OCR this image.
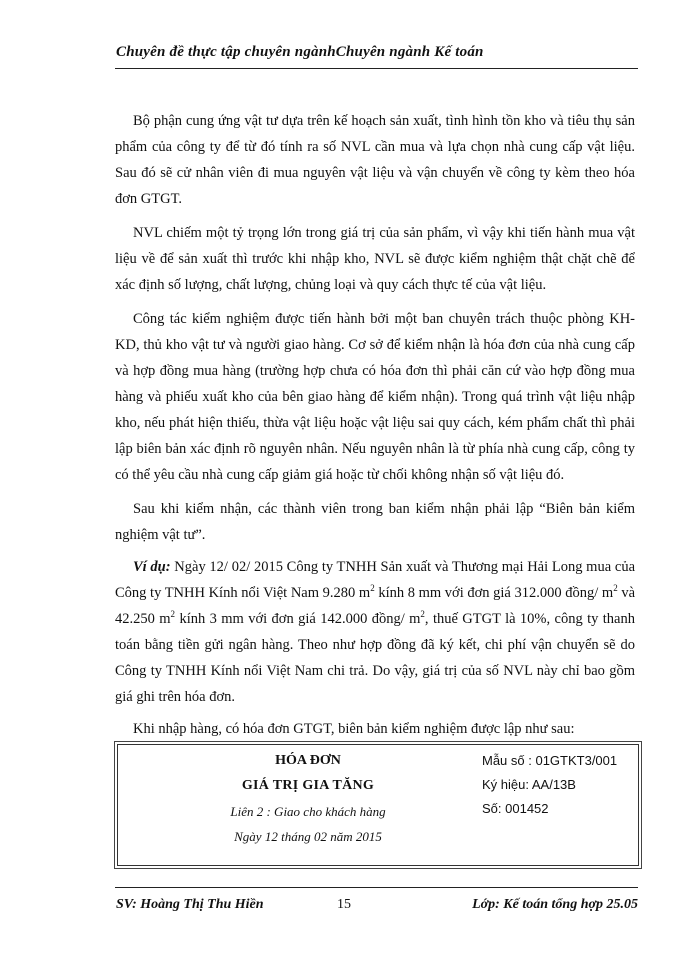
Chuyên đề thực tập chuyên ngànhChuyên ngành Kế toán

Bộ phận cung ứng vật tư dựa trên kế hoạch sản xuất, tình hình tồn kho và tiêu thụ sản phẩm của công ty để từ đó tính ra số NVL cần mua và lựa chọn nhà cung cấp vật liệu. Sau đó sẽ cử nhân viên đi mua nguyên vật liệu và vận chuyển về công ty kèm theo hóa đơn GTGT.

NVL chiếm một tỷ trọng lớn trong giá trị của sản phẩm, vì vậy khi tiến hành mua vật liệu về để sản xuất thì trước khi nhập kho, NVL sẽ được kiểm nghiệm thật chặt chẽ để xác định số lượng, chất lượng, chủng loại và quy cách thực tế của vật liệu.

Công tác kiểm nghiệm được tiến hành bởi một ban chuyên trách thuộc phòng KH- KD, thủ kho vật tư và người giao hàng. Cơ sở để kiểm nhận là hóa đơn của nhà cung cấp và hợp đồng mua hàng (trường hợp chưa có hóa đơn thì phải căn cứ vào hợp đồng mua hàng và phiếu xuất kho của bên giao hàng để kiểm nhận). Trong quá trình vật liệu nhập kho, nếu phát hiện thiếu, thừa vật liệu hoặc vật liệu sai quy cách, kém phẩm chất thì phải lập biên bản xác định rõ nguyên nhân. Nếu nguyên nhân là từ phía nhà cung cấp, công ty có thể yêu cầu nhà cung cấp giảm giá hoặc từ chối không nhận số vật liệu đó.

Sau khi kiểm nhận, các thành viên trong ban kiểm nhận phải lập “Biên bản kiểm nghiệm vật tư”.

Ví dụ: Ngày 12/ 02/ 2015 Công ty TNHH Sản xuất và Thương mại Hải Long mua của Công ty TNHH Kính nổi Việt Nam 9.280 $m^2$ kính 8 mm với đơn giá 312.000 đồng/ $m^2$ và 42.250 $m^2$ kính 3 mm với đơn giá 142.000 đồng/ $m^2$, thuế GTGT là 10%, công ty thanh toán bằng tiền gửi ngân hàng. Theo như hợp đồng đã ký kết, chi phí vận chuyển sẽ do Công ty TNHH Kính nổi Việt Nam chi trả. Do vậy, giá trị của số NVL này chỉ bao gồm giá ghi trên hóa đơn.

Khi nhập hàng, có hóa đơn GTGT, biên bản kiểm nghiệm được lập như sau:

HÓA ĐƠN
GIÁ TRỊ GIA TĂNG
Liên 2 : Giao cho khách hàng
Ngày 12 tháng 02 năm 2015
Mẫu số : 01GTKT3/001
Ký hiệu: AA/13B
Số: 001452
SV: Hoàng Thị Thu Hiền	15	Lớp: Kế toán tổng hợp 25.05
